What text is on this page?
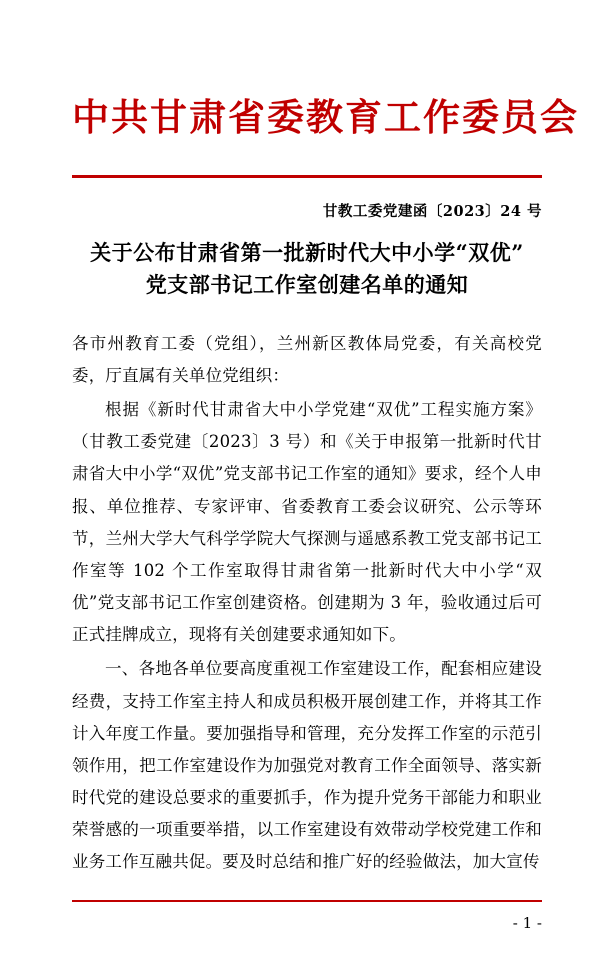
中共甘肃省委教育工作委员会
甘教工委党建函〔2023〕24 号
关于公布甘肃省第一批新时代大中小学“双优”
党支部书记工作室创建名单的通知

各市州教育工委（党组），兰州新区教体局党委，有关高校党委，厅直属有关单位党组织：

根据《新时代甘肃省大中小学党建“双优”工程实施方案》（甘教工委党建〔2023〕3 号）和《关于申报第一批新时代甘肃省大中小学“双优”党支部书记工作室的通知》要求，经个人申报、单位推荐、专家评审、省委教育工委会议研究、公示等环节，兰州大学大气科学学院大气探测与遥感系教工党支部书记工作室等 102 个工作室取得甘肃省第一批新时代大中小学“双优”党支部书记工作室创建资格。创建期为 3 年，验收通过后可正式挂牌成立，现将有关创建要求通知如下。

一、各地各单位要高度重视工作室建设工作，配套相应建设经费，支持工作室主持人和成员积极开展创建工作，并将其工作计入年度工作量。要加强指导和管理，充分发挥工作室的示范引领作用，把工作室建设作为加强党对教育工作全面领导、落实新时代党的建设总要求的重要抓手，作为提升党务干部能力和职业荣誉感的一项重要举措，以工作室建设有效带动学校党建工作和业务工作互融共促。要及时总结和推广好的经验做法，加大宣传

- 1 -
